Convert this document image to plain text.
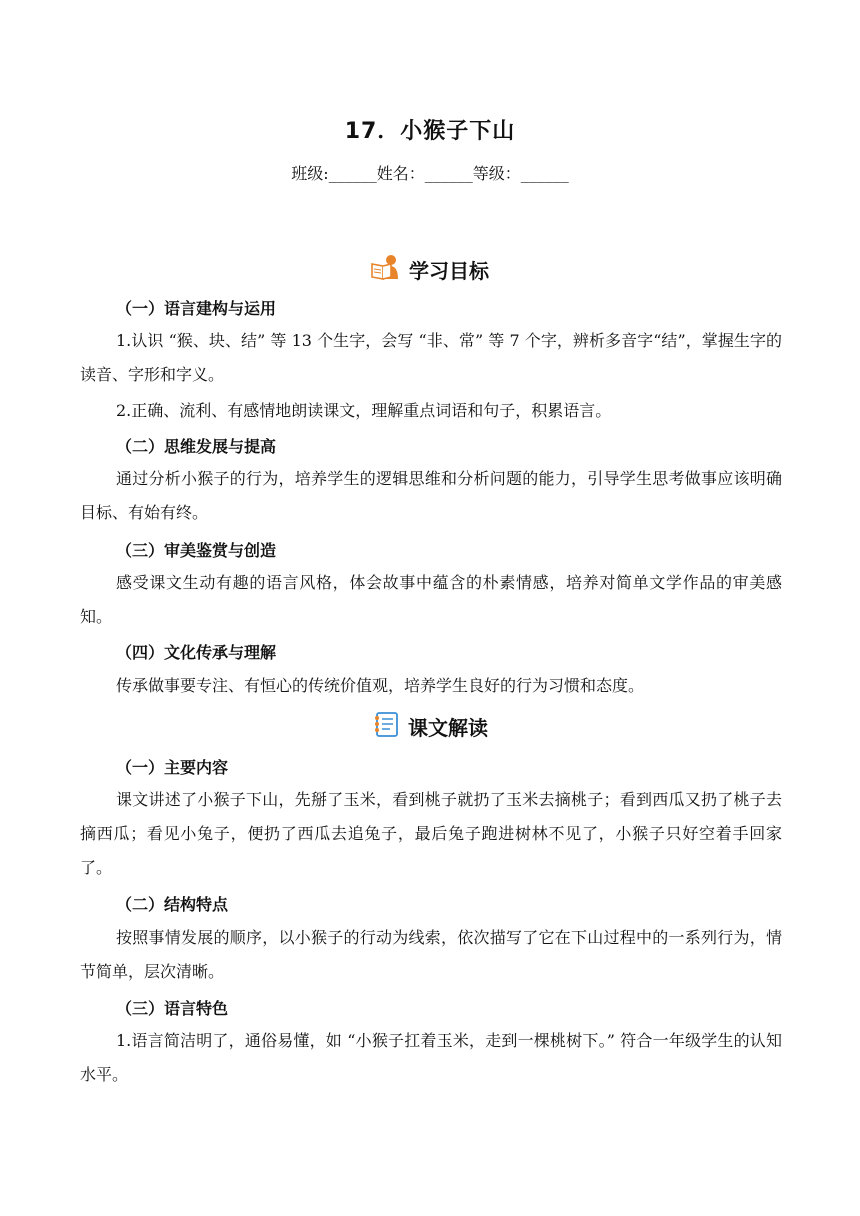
17．小猴子下山
班级:______姓名：______等级：______
学习目标
（一）语言建构与运用
1.认识 “猴、块、结” 等 13 个生字，会写 “非、常” 等 7 个字，辨析多音字“结”，掌握生字的读音、字形和字义。
2.正确、流利、有感情地朗读课文，理解重点词语和句子，积累语言。
（二）思维发展与提高
通过分析小猴子的行为，培养学生的逻辑思维和分析问题的能力，引导学生思考做事应该明确目标、有始有终。
（三）审美鉴赏与创造
感受课文生动有趣的语言风格，体会故事中蕴含的朴素情感，培养对简单文学作品的审美感知。
（四）文化传承与理解
传承做事要专注、有恒心的传统价值观，培养学生良好的行为习惯和态度。
课文解读
（一）主要内容
课文讲述了小猴子下山，先掰了玉米，看到桃子就扔了玉米去摘桃子；看到西瓜又扔了桃子去摘西瓜；看见小兔子，便扔了西瓜去追兔子，最后兔子跑进树林不见了，小猴子只好空着手回家了。
（二）结构特点
按照事情发展的顺序，以小猴子的行动为线索，依次描写了它在下山过程中的一系列行为，情节简单，层次清晰。
（三）语言特色
1.语言简洁明了，通俗易懂，如 “小猴子扛着玉米，走到一棵桃树下。” 符合一年级学生的认知水平。
